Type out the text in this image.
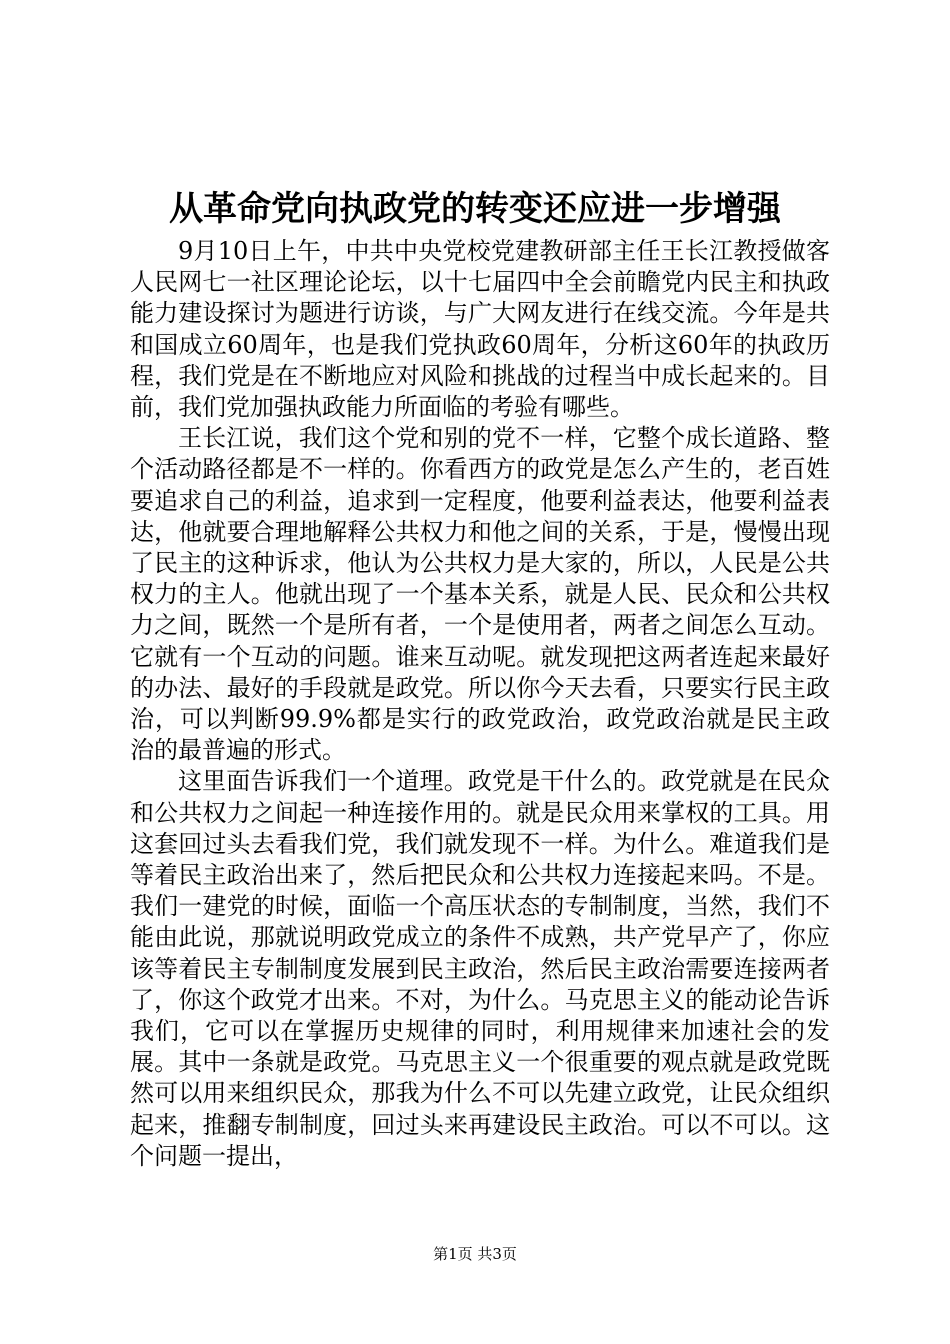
从革命党向执政党的转变还应进一步增强

9月10日上午，中共中央党校党建教研部主任王长江教授做客人民网七一社区理论论坛，以十七届四中全会前瞻党内民主和执政能力建设探讨为题进行访谈，与广大网友进行在线交流。今年是共和国成立60周年，也是我们党执政60周年，分析这60年的执政历程，我们党是在不断地应对风险和挑战的过程当中成长起来的。目前，我们党加强执政能力所面临的考验有哪些。

王长江说，我们这个党和别的党不一样，它整个成长道路、整个活动路径都是不一样的。你看西方的政党是怎么产生的，老百姓要追求自己的利益，追求到一定程度，他要利益表达，他要利益表达，他就要合理地解释公共权力和他之间的关系，于是，慢慢出现了民主的这种诉求，他认为公共权力是大家的，所以，人民是公共权力的主人。他就出现了一个基本关系，就是人民、民众和公共权力之间，既然一个是所有者，一个是使用者，两者之间怎么互动。它就有一个互动的问题。谁来互动呢。就发现把这两者连起来最好的办法、最好的手段就是政党。所以你今天去看，只要实行民主政治，可以判断99.9%都是实行的政党政治，政党政治就是民主政治的最普遍的形式。

这里面告诉我们一个道理。政党是干什么的。政党就是在民众和公共权力之间起一种连接作用的。就是民众用来掌权的工具。用这套回过头去看我们党，我们就发现不一样。为什么。难道我们是等着民主政治出来了，然后把民众和公共权力连接起来吗。不是。我们一建党的时候，面临一个高压状态的专制制度，当然，我们不能由此说，那就说明政党成立的条件不成熟，共产党早产了，你应该等着民主专制制度发展到民主政治，然后民主政治需要连接两者了，你这个政党才出来。不对，为什么。马克思主义的能动论告诉我们，它可以在掌握历史规律的同时，利用规律来加速社会的发展。其中一条就是政党。马克思主义一个很重要的观点就是政党既然可以用来组织民众，那我为什么不可以先建立政党，让民众组织起来，推翻专制制度，回过头来再建设民主政治。可以不可以。这个问题一提出，

第1页 共3页
